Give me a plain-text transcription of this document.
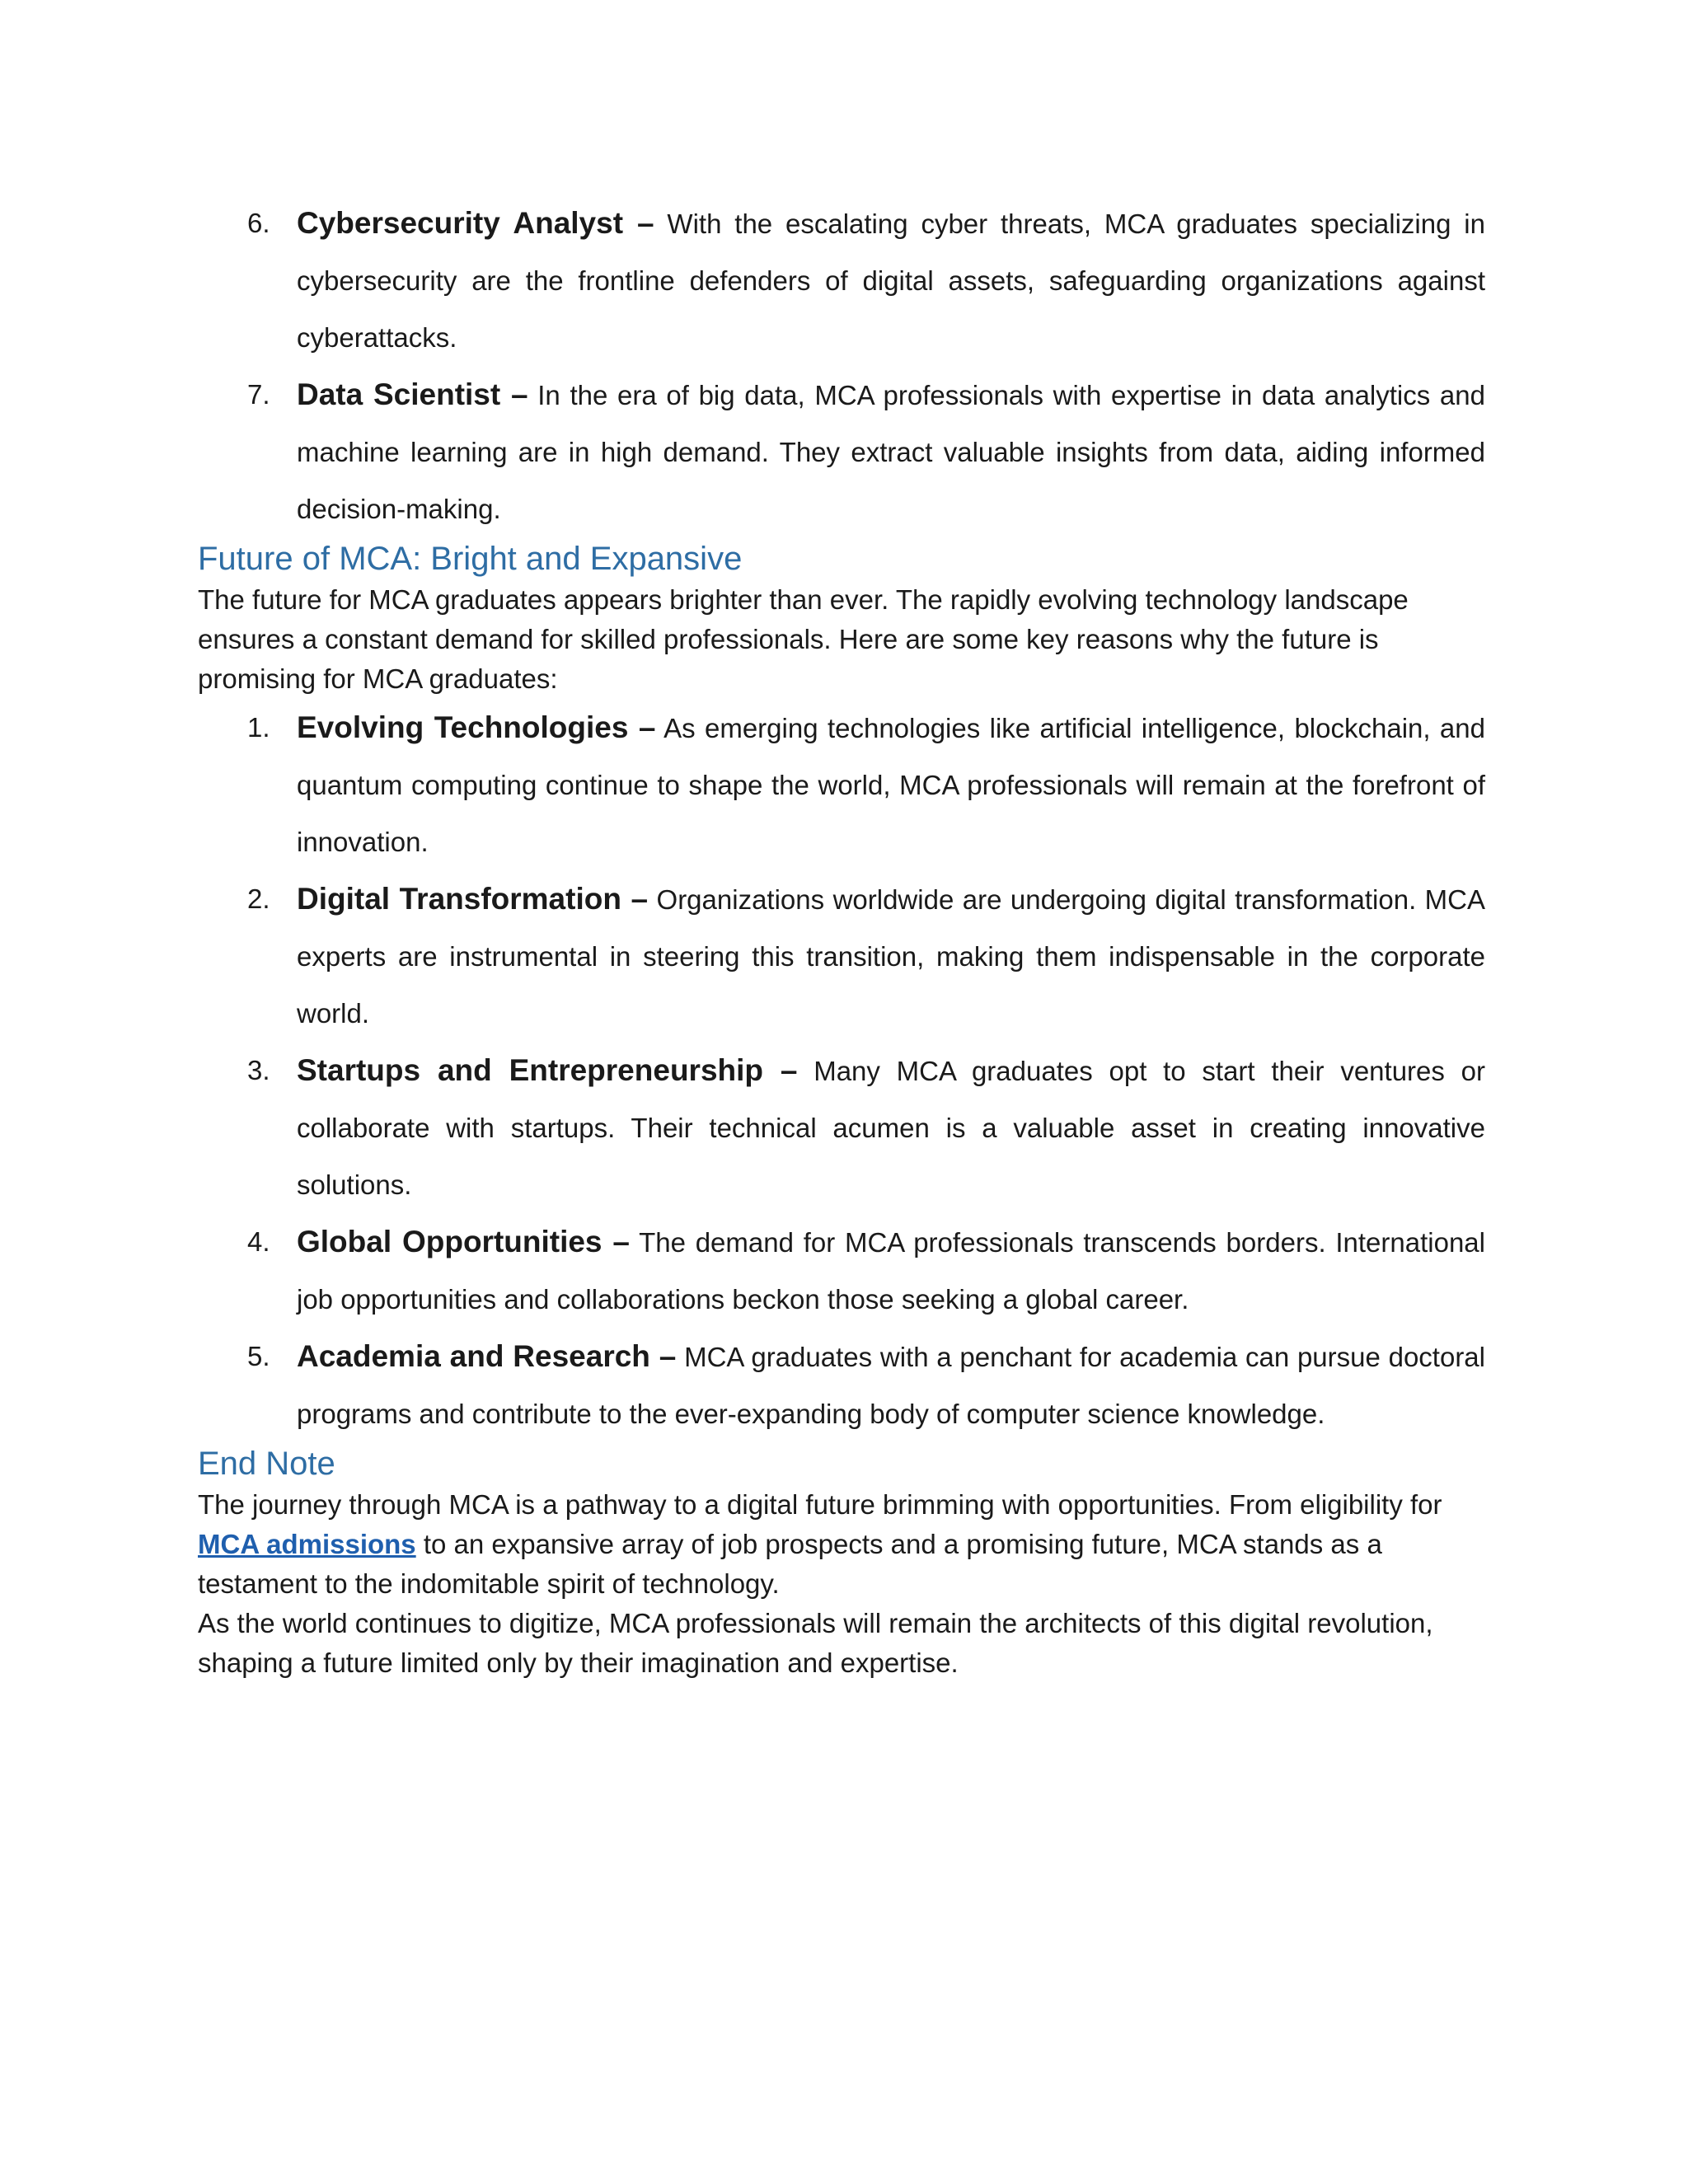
6. Cybersecurity Analyst – With the escalating cyber threats, MCA graduates specializing in cybersecurity are the frontline defenders of digital assets, safeguarding organizations against cyberattacks.
7. Data Scientist – In the era of big data, MCA professionals with expertise in data analytics and machine learning are in high demand. They extract valuable insights from data, aiding informed decision-making.
Future of MCA: Bright and Expansive

The future for MCA graduates appears brighter than ever. The rapidly evolving technology landscape ensures a constant demand for skilled professionals. Here are some key reasons why the future is promising for MCA graduates:

1. Evolving Technologies – As emerging technologies like artificial intelligence, blockchain, and quantum computing continue to shape the world, MCA professionals will remain at the forefront of innovation.
2. Digital Transformation – Organizations worldwide are undergoing digital transformation. MCA experts are instrumental in steering this transition, making them indispensable in the corporate world.
3. Startups and Entrepreneurship – Many MCA graduates opt to start their ventures or collaborate with startups. Their technical acumen is a valuable asset in creating innovative solutions.
4. Global Opportunities – The demand for MCA professionals transcends borders. International job opportunities and collaborations beckon those seeking a global career.
5. Academia and Research – MCA graduates with a penchant for academia can pursue doctoral programs and contribute to the ever-expanding body of computer science knowledge.
End Note

The journey through MCA is a pathway to a digital future brimming with opportunities. From eligibility for MCA admissions to an expansive array of job prospects and a promising future, MCA stands as a testament to the indomitable spirit of technology.

As the world continues to digitize, MCA professionals will remain the architects of this digital revolution, shaping a future limited only by their imagination and expertise.
